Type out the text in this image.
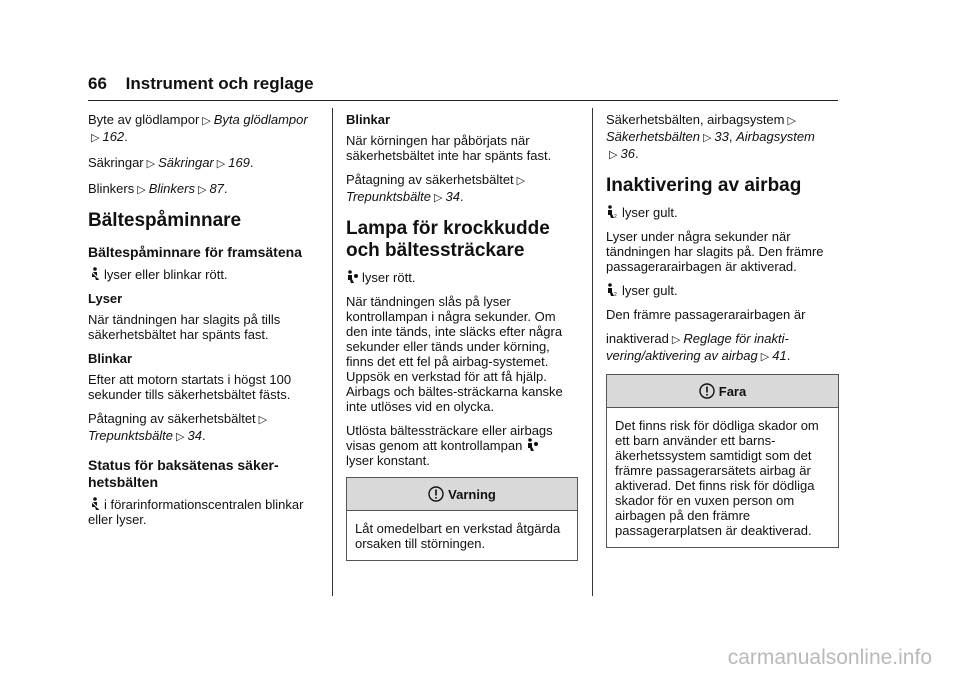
66 Instrument och reglage

Byte av glödlampor ▷ Byta glödlampor▷ 162.

Säkringar ▷ Säkringar ▷ 169.

Blinkers ▷ Blinkers ▷ 87.

Bältespåminnare
Bältespåminnare för framsätena

lyser eller blinkar rött.

Lyser

När tändningen har slagits på tills säkerhetsbältet har spänts fast.

Blinkar

Efter att motorn startats i högst 100 sekunder tills säkerhetsbältet fästs.

Påtagning av säkerhetsbältet ▷
Trepunktsbälte ▷ 34.

Status för baksätenas säker-hetsbälten

i förarinformationscentralen blinkar eller lyser.

Blinkar

När körningen har påbörjats när säkerhetsbältet inte har spänts fast.

Påtagning av säkerhetsbältet ▷
Trepunktsbälte ▷ 34.

Lampa för krockkudde och bältessträckare

lyser rött.

När tändningen slås på lyser kontrollampan i några sekunder. Om den inte tänds, inte släcks efter några sekunder eller tänds under körning, finns det ett fel på airbag-systemet. Uppsök en verkstad för att få hjälp. Airbags och bältes-sträckarna kanske inte utlöses vid en olycka.

Utlösta bältessträckare eller airbags visas genom att kontrollampan
lyser konstant.

Varning
Låt omedelbart en verkstad åtgärda orsaken till störningen.

Säkerhetsbälten, airbagsystem ▷
Säkerhetsbälten ▷ 33, Airbagsystem
▷ 36.

Inaktivering av airbag

2 lyser gult.

Lyser under några sekunder när tändningen har slagits på. Den främre passagerarairbagen är aktiverad.

2 lyser gult.

Den främre passagerarairbagen är

inaktiverad ▷ Reglage för inakti-vering/aktivering av airbag ▷ 41.

Fara
Det finns risk för dödliga skador om ett barn använder ett barns-äkerhetssystem samtidigt som det främre passagerarsätets airbag är aktiverad. Det finns risk för dödliga skador för en vuxen person om airbagen på den främre passagerarplatsen är deaktiverad.
carmanualsonline.info
